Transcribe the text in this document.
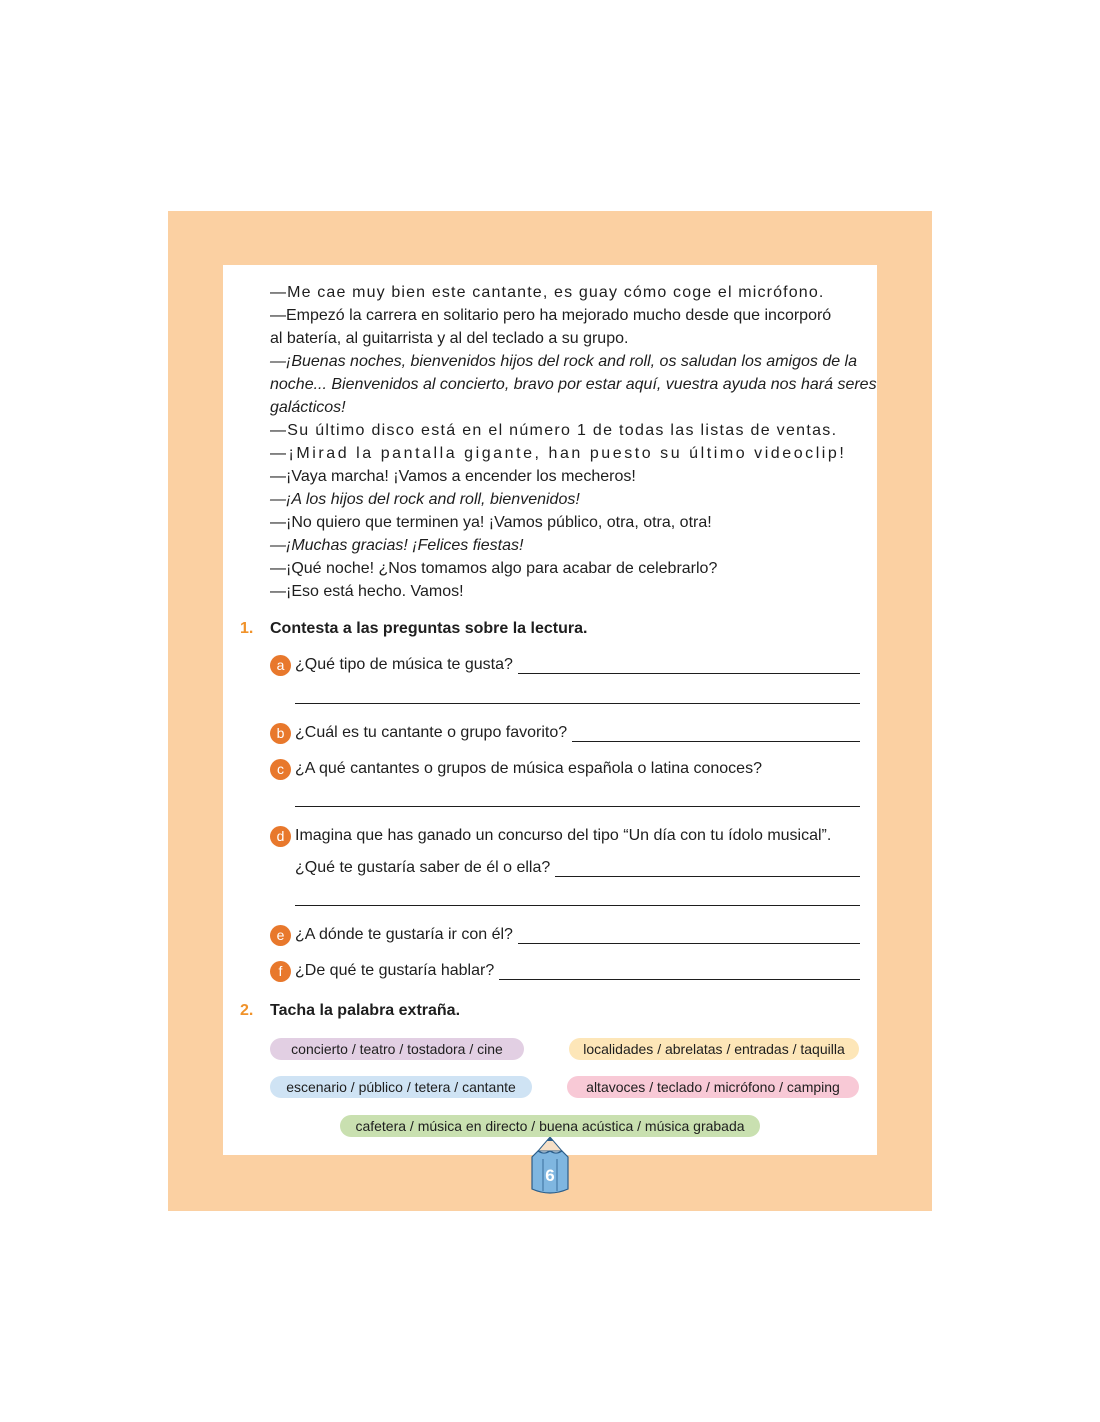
—Me cae muy bien este cantante, es guay cómo coge el micrófono.
—Empezó la carrera en solitario pero ha mejorado mucho desde que incorporó
al batería, al guitarrista y al del teclado a su grupo.
—¡Buenas noches, bienvenidos hijos del rock and roll, os saludan los amigos de la
noche... Bienvenidos al concierto, bravo por estar aquí, vuestra ayuda nos hará seres
galácticos!
—Su último disco está en el número 1 de todas las listas de ventas.
—¡Mirad la pantalla gigante, han puesto su último videoclip!
—¡Vaya marcha! ¡Vamos a encender los mecheros!
—¡A los hijos del rock and roll, bienvenidos!
—¡No quiero que terminen ya! ¡Vamos público, otra, otra, otra!
—¡Muchas gracias! ¡Felices fiestas!
—¡Qué noche! ¿Nos tomamos algo para acabar de celebrarlo?
—¡Eso está hecho. Vamos!
1. Contesta a las preguntas sobre la lectura.
a ¿Qué tipo de música te gusta?
b ¿Cuál es tu cantante o grupo favorito?
c ¿A qué cantantes o grupos de música española o latina conoces?
d Imagina que has ganado un concurso del tipo “Un día con tu ídolo musical”.
¿Qué te gustaría saber de él o ella?
e ¿A dónde te gustaría ir con él?
f ¿De qué te gustaría hablar?
2. Tacha la palabra extraña.
concierto / teatro / tostadora / cine	localidades / abrelatas / entradas / taquilla
escenario / público / tetera / cantante	altavoces / teclado / micrófono / camping
cafetera / música en directo / buena acústica / música grabada
6
